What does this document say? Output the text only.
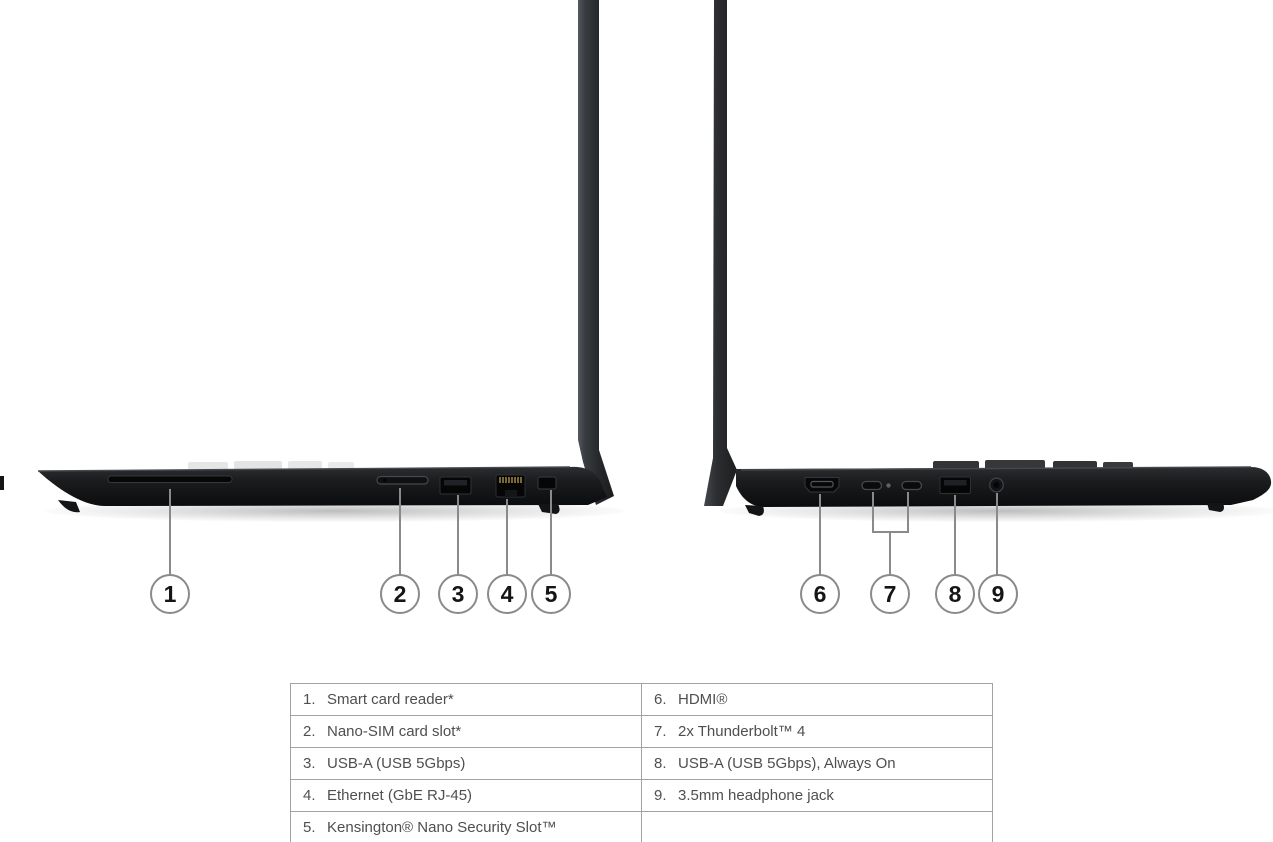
1	2 3 4 5	6 7 8 9
1. Smart card reader*	6. HDMI®
2. Nano-SIM card slot*	7. 2x Thunderbolt™ 4
3. USB-A (USB 5Gbps)	8. USB-A (USB 5Gbps), Always On
4. Ethernet (GbE RJ-45)	9. 3.5mm headphone jack
5. Kensington® Nano Security Slot™	
